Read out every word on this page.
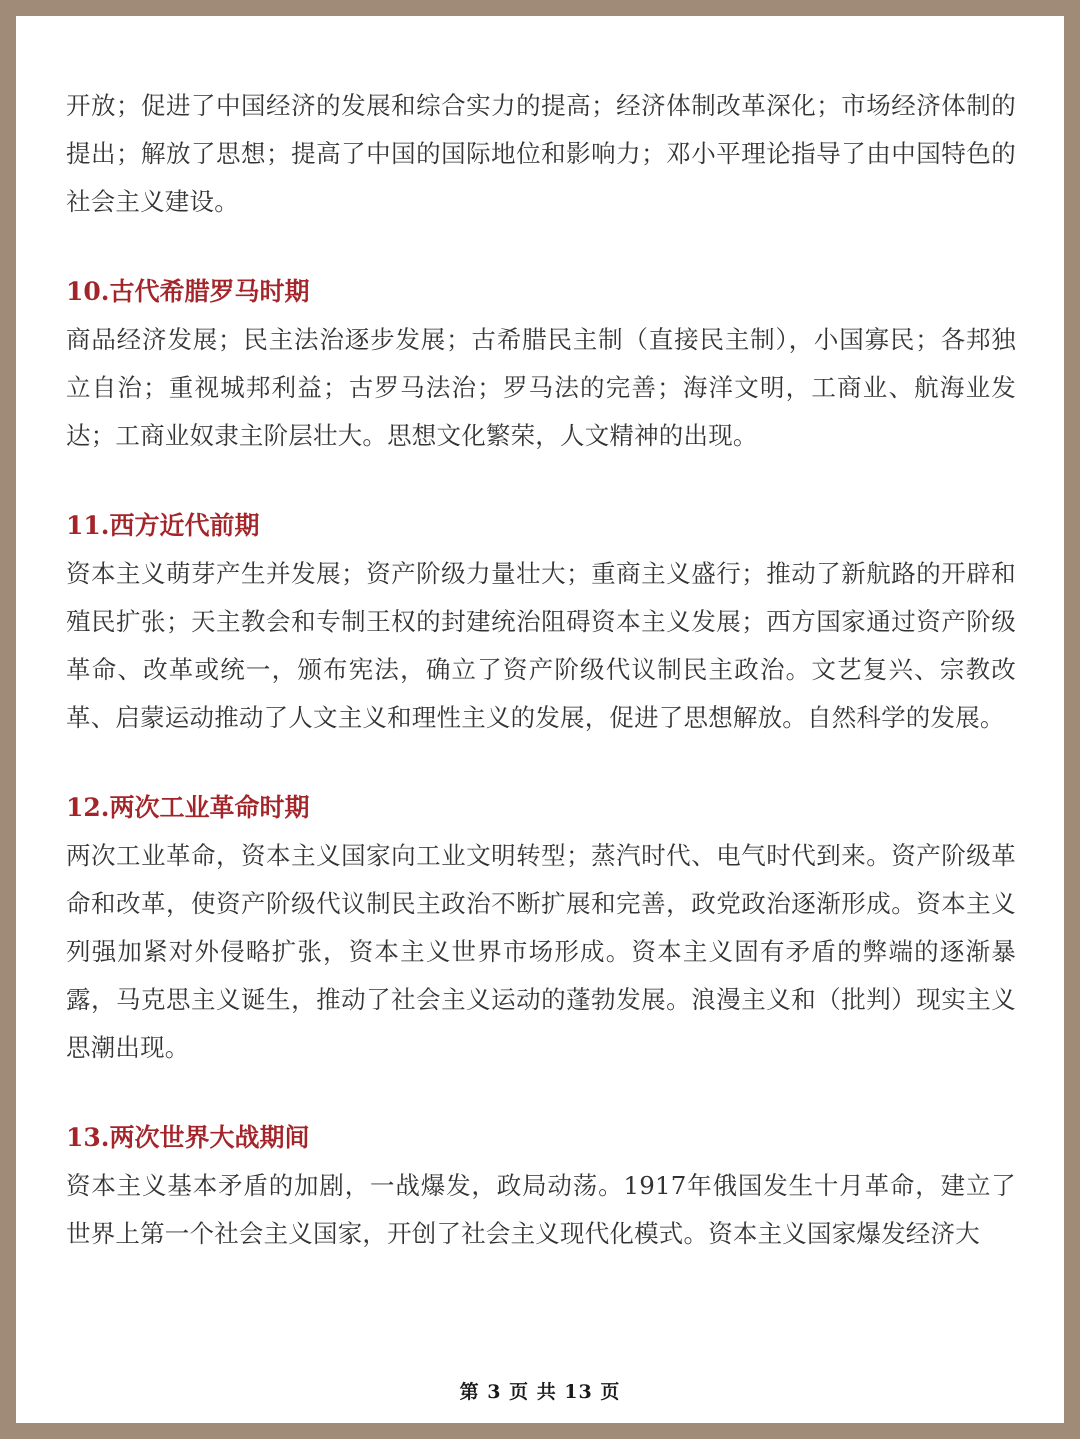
开放；促进了中国经济的发展和综合实力的提高；经济体制改革深化；市场经济体制的提出；解放了思想；提高了中国的国际地位和影响力；邓小平理论指导了由中国特色的社会主义建设。

10.古代希腊罗马时期

商品经济发展；民主法治逐步发展；古希腊民主制（直接民主制），小国寡民；各邦独立自治；重视城邦利益；古罗马法治；罗马法的完善；海洋文明，工商业、航海业发达；工商业奴隶主阶层壮大。思想文化繁荣，人文精神的出现。

11.西方近代前期

资本主义萌芽产生并发展；资产阶级力量壮大；重商主义盛行；推动了新航路的开辟和殖民扩张；天主教会和专制王权的封建统治阻碍资本主义发展；西方国家通过资产阶级革命、改革或统一，颁布宪法，确立了资产阶级代议制民主政治。文艺复兴、宗教改革、启蒙运动推动了人文主义和理性主义的发展，促进了思想解放。自然科学的发展。

12.两次工业革命时期

两次工业革命，资本主义国家向工业文明转型；蒸汽时代、电气时代到来。资产阶级革命和改革，使资产阶级代议制民主政治不断扩展和完善，政党政治逐渐形成。资本主义列强加紧对外侵略扩张，资本主义世界市场形成。资本主义固有矛盾的弊端的逐渐暴露，马克思主义诞生，推动了社会主义运动的蓬勃发展。浪漫主义和（批判）现实主义思潮出现。

13.两次世界大战期间

资本主义基本矛盾的加剧，一战爆发，政局动荡。1917年俄国发生十月革命，建立了世界上第一个社会主义国家，开创了社会主义现代化模式。资本主义国家爆发经济大

第 3 页 共 13 页
